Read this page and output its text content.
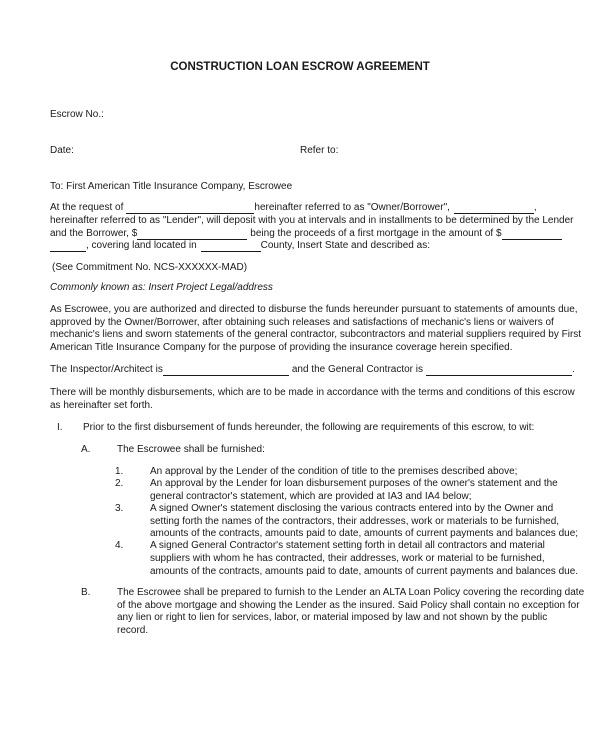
CONSTRUCTION LOAN ESCROW AGREEMENT
Escrow No.:
Date:	Refer to:
To: First American Title Insurance Company, Escrowee
At the request of	hereinafter referred to as "Owner/Borrower",	,
hereinafter referred to as "Lender", will deposit with you at intervals and in installments to be determined by the Lender
and the Borrower, $	being the proceeds of a first mortgage in the amount of $
, covering land located in	County, Insert State and described as:
(See Commitment No. NCS-XXXXXX-MAD)
Commonly known as: Insert Project Legal/address
As Escrowee, you are authorized and directed to disburse the funds hereunder pursuant to statements of amounts due,
approved by the Owner/Borrower, after obtaining such releases and satisfactions of mechanic's liens or waivers of
mechanic's liens and sworn statements of the general contractor, subcontractors and material suppliers required by First
American Title Insurance Company for the purpose of providing the insurance coverage herein specified.
The Inspector/Architect is	and the General Contractor is	.
There will be monthly disbursements, which are to be made in accordance with the terms and conditions of this escrow
as hereinafter set forth.
I. Prior to the first disbursement of funds hereunder, the following are requirements of this escrow, to wit:
A.	The Escrowee shall be furnished:
1.	An approval by the Lender of the condition of title to the premises described above;
2.	An approval by the Lender for loan disbursement purposes of the owner's statement and the
general contractor's statement, which are provided at IA3 and IA4 below;
3.	A signed Owner's statement disclosing the various contracts entered into by the Owner and
setting forth the names of the contractors, their addresses, work or materials to be furnished,
amounts of the contracts, amounts paid to date, amounts of current payments and balances due;
4.	A signed General Contractor's statement setting forth in detail all contractors and material
suppliers with whom he has contracted, their addresses, work or material to be furnished,
amounts of the contracts, amounts paid to date, amounts of current payments and balances due.
B.	The Escrowee shall be prepared to furnish to the Lender an ALTA Loan Policy covering the recording date
of the above mortgage and showing the Lender as the insured. Said Policy shall contain no exception for
any lien or right to lien for services, labor, or material imposed by law and not shown by the public
record.
